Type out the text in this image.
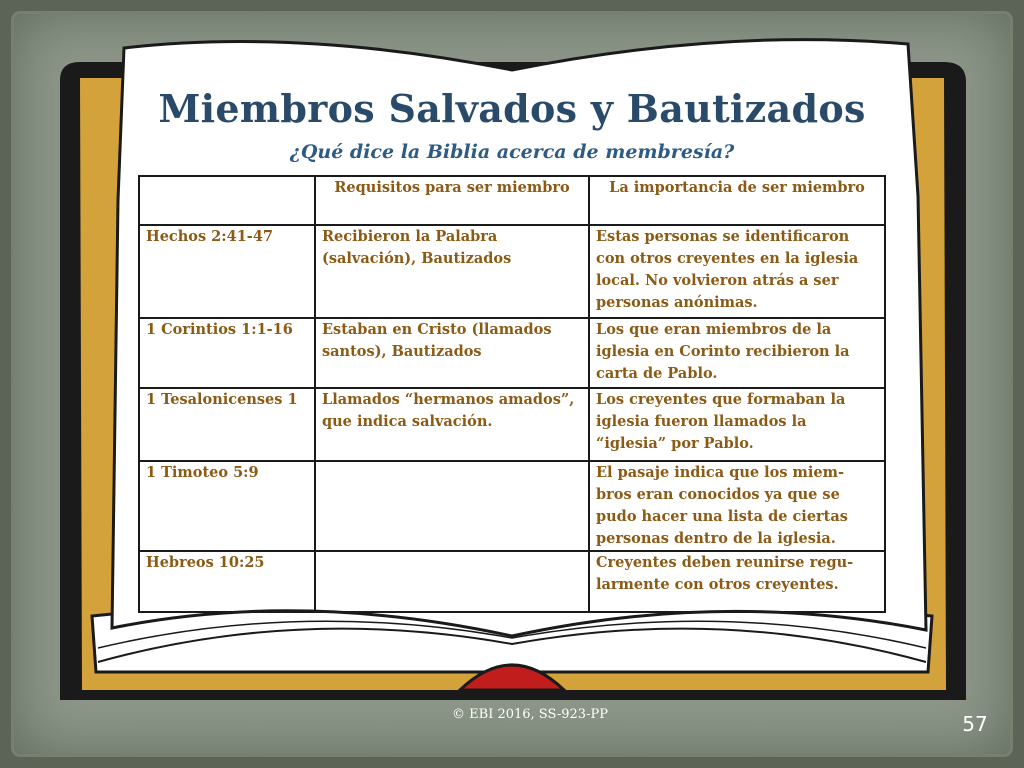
Miembros Salvados y Bautizados

¿Qué dice la Biblia acerca de membresía?

	Requisitos para ser miembro	La importancia de ser miembro
Hechos 2:41-47	Recibieron la Palabra (salvación), Bautizados	Estas personas se identificaron con otros creyentes en la iglesia local. No volvieron atrás a ser personas anónimas.
1 Corintios 1:1-16	Estaban en Cristo (llamados santos), Bautizados	Los que eran miembros de la iglesia en Corinto recibieron la carta de Pablo.
1 Tesalonicenses 1	Llamados “hermanos amados”, que indica salvación.	Los creyentes que formaban la iglesia fueron llamados la “iglesia” por Pablo.
1 Timoteo 5:9		El pasaje indica que los miem-bros eran conocidos ya que se pudo hacer una lista de ciertas personas dentro de la iglesia.
Hebreos 10:25		Creyentes deben reunirse regu-larmente con otros creyentes.
© EBI 2016, SS-923-PP	57
